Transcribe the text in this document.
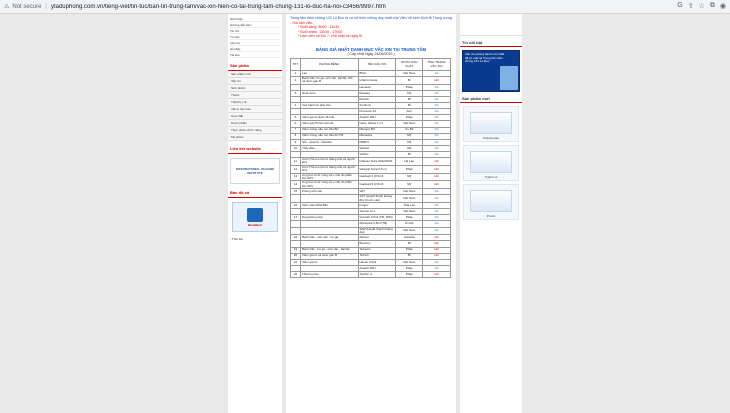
⚠ Not secure | ytaduphong.com.vn/tieng-viet/tin-tuc/ban-tin-trung-tam/vac-xin-hien-co-tai-trung-tam-chung-131-lo-duc-ha-noi-c3456/9997.htm	G ⇪ ☆ ⧉ ◉
Giới thiệu
Hướng dẫn tiêm
Tin tức
Tư vấn
Liên hệ
Hỏi đáp
Tài liệu
Sản phẩm
Sản phẩm mới
Vắc xin
Sinh phẩm
Thuốc
Thiết bị y tế
Vật tư tiêu hao
Hóa chất
Dược phẩm
Thực phẩm chức năng
Mỹ phẩm
Liên kết website
INTERNATIONAL VACCINE INSTITUTE
Bản đồ số
Bioabtierl
▫ Thời tiết
Trung tâm tiêm chủng 131 Lò Đúc là cơ sở tiêm chủng duy nhất của Viện Vệ sinh Dịch tễ Trung ương
- Giờ làm việc:
* Buổi sáng: 8h00 - 11h30
* Buổi chiều: 13h30 - 17h00
* Làm việc cả thứ 7, chủ nhật và ngày lễ
BẢNG GIÁ NHẬT DANH MỤC VẮC XIN TẠI TRUNG TÂM
( Cập nhật Ngày 24/05/2023 )
STT	PHÒNG BỆNH	TÊN VẮC XIN	NƯỚC SẢN XUẤT	TÌNH TRẠNG VẮC XIN
1	Lao	BCG	Việt Nam	Có
2	Bạch hầu, ho gà, uốn ván, bại liệt, Hib, và viêm gan B	Infanrix Hexa	Bỉ	Hết
		Hexaxim	Pháp	Có
3	Rota virus	Rotateq	Mỹ	Có
		Rotarix	Bỉ	Có
4	Các bệnh do phế cầu	Synflorix	Bỉ	Có
		Prevenar 13	Anh	Có
5	Viêm gan A dưới 18 tuổi	Avaxim 80U	Pháp	Có
6	Viêm gan B trên 10 tuổi	Gene Hbvax 1 ml	Việt Nam	Có
7	Viêm màng não mô cầu BC	Mengoc BC	Cu Ba	Có
8	Viêm màng não mô cầu ACYW	Menactra	Mỹ	Có
9	Sởi - Quai bị - Rubella	MMR II	Mỹ	Có
10	Thủy đậu	Varivax	Mỹ	Có
		Varilrix	Bỉ	Có
11	Cúm (Trẻ em trên 6 tháng tuổi và người lớn)	Influvac Tetra 2022/2023	Hà Lan	Hết
12	Cúm (Trẻ em trên 6 tháng tuổi và người lớn)	Vaxigrip Tetra 0,5 ml	Pháp	Hết
13	Ung thư cổ tử cung và u nhú do phân lớp HPV	Gardasil 4 (0.5ml)	Mỹ	Hết
14	Ung thư cổ tử cung và u nhú do phân lớp HPV	Gardasil 9 (0.5ml)	Mỹ	Hết
15	Phòng uốn ván	VAT	Việt Nam	Có
		SAT (Huyết thanh kháng độc tố uốn ván)	Việt Nam	Có
16	Viêm não Nhật Bản	Imojev	Thái Lan	Có
		Jeevax 1ml	Việt Nam	Có
17	Dại (phòng dại)	Verorab 0,5ml (TB, TDD)	Pháp	Có
		Abhayrab 0,5ml (TB)	Ấn Độ	Có
		SAR (Huyết thanh kháng dại)	Việt Nam	Có
18	Bạch hầu - uốn ván - ho gà	Adacel	Canada	Hết
		Boostrix	Bỉ	Hết
19	Bạch hầu - ho gà - uốn ván - bại liệt	Tetraxim	Pháp	Hết
20	Viêm gan A và viêm gan B	Twinrix	Bỉ	Hết
21	Viêm gan A	Havax 0,5ml	Việt Nam	Có
		Avaxim 80U	Pháp	Có
22	Thương hàn	Typhim vi	Pháp	Hết
Tin nổi bật
Vắc xin phòng bệnh mới nhất đã có mặt tại Trung tâm tiêm chủng 131 Lò Đúc
Sản phẩm mới
Polymerase
Typhim vi
Pruvin
